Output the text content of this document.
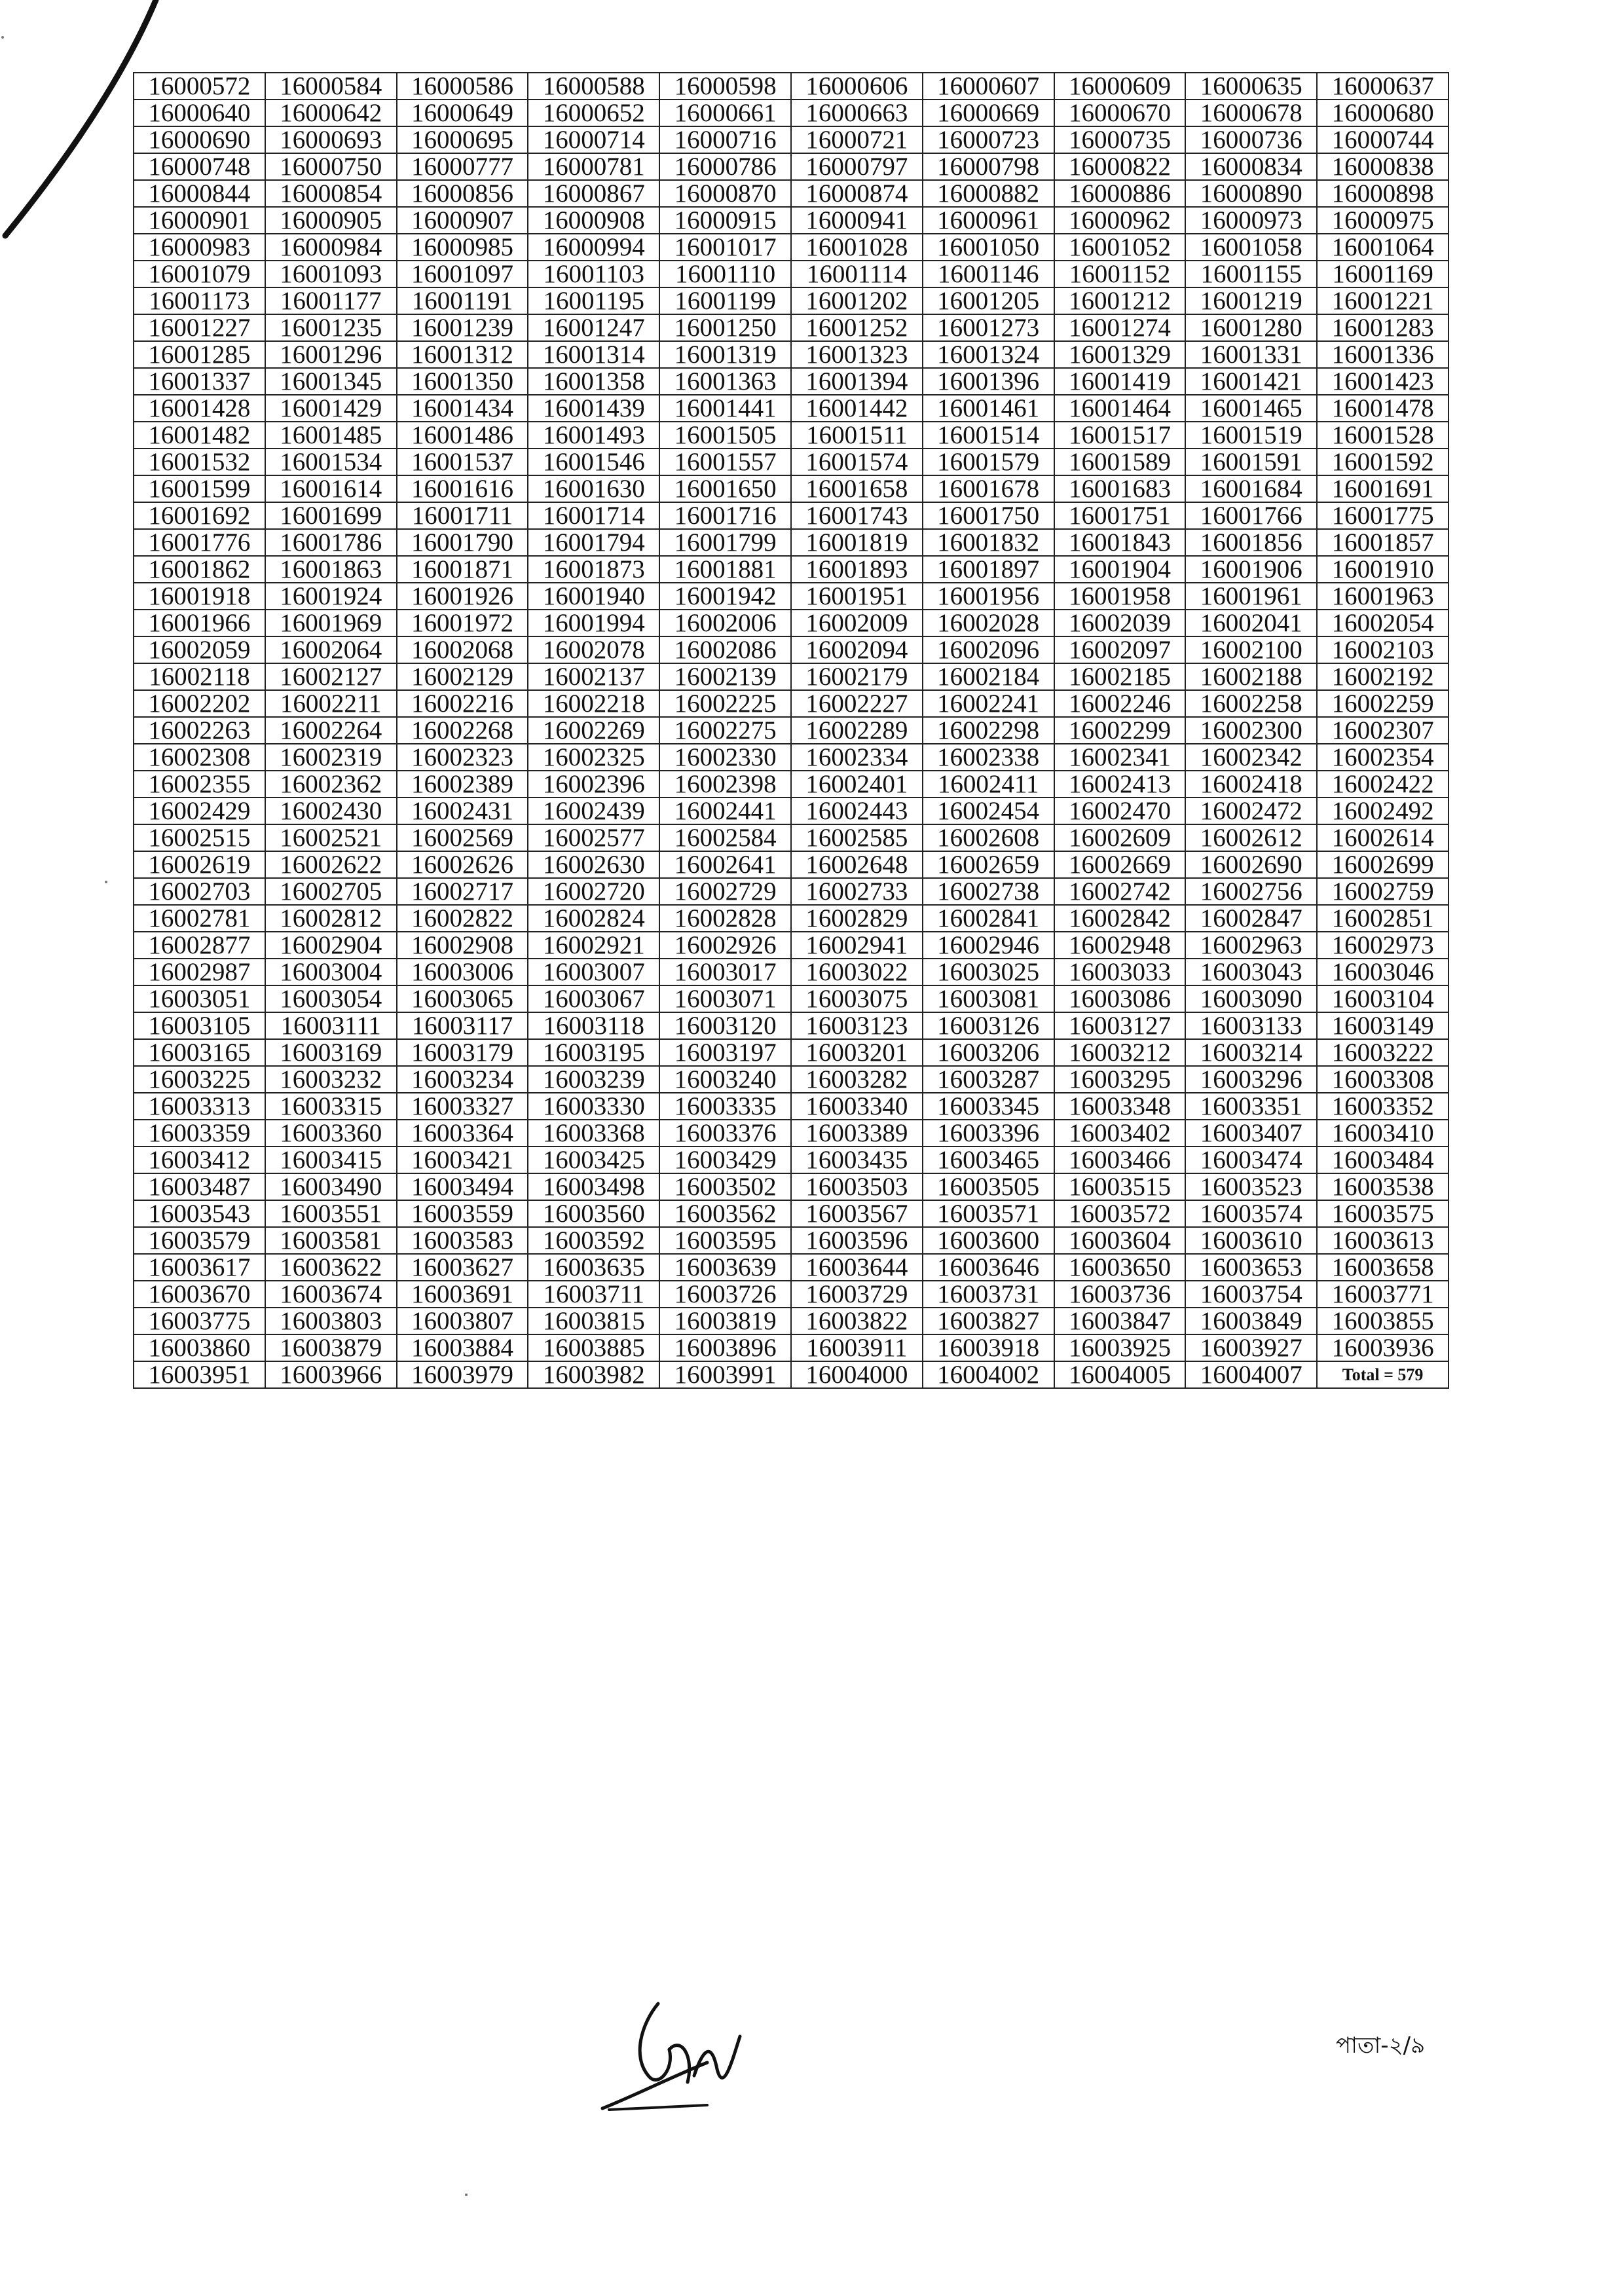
16000572	16000584	16000586	16000588	16000598	16000606	16000607	16000609	16000635	16000637
16000640	16000642	16000649	16000652	16000661	16000663	16000669	16000670	16000678	16000680
16000690	16000693	16000695	16000714	16000716	16000721	16000723	16000735	16000736	16000744
16000748	16000750	16000777	16000781	16000786	16000797	16000798	16000822	16000834	16000838
16000844	16000854	16000856	16000867	16000870	16000874	16000882	16000886	16000890	16000898
16000901	16000905	16000907	16000908	16000915	16000941	16000961	16000962	16000973	16000975
16000983	16000984	16000985	16000994	16001017	16001028	16001050	16001052	16001058	16001064
16001079	16001093	16001097	16001103	16001110	16001114	16001146	16001152	16001155	16001169
16001173	16001177	16001191	16001195	16001199	16001202	16001205	16001212	16001219	16001221
16001227	16001235	16001239	16001247	16001250	16001252	16001273	16001274	16001280	16001283
16001285	16001296	16001312	16001314	16001319	16001323	16001324	16001329	16001331	16001336
16001337	16001345	16001350	16001358	16001363	16001394	16001396	16001419	16001421	16001423
16001428	16001429	16001434	16001439	16001441	16001442	16001461	16001464	16001465	16001478
16001482	16001485	16001486	16001493	16001505	16001511	16001514	16001517	16001519	16001528
16001532	16001534	16001537	16001546	16001557	16001574	16001579	16001589	16001591	16001592
16001599	16001614	16001616	16001630	16001650	16001658	16001678	16001683	16001684	16001691
16001692	16001699	16001711	16001714	16001716	16001743	16001750	16001751	16001766	16001775
16001776	16001786	16001790	16001794	16001799	16001819	16001832	16001843	16001856	16001857
16001862	16001863	16001871	16001873	16001881	16001893	16001897	16001904	16001906	16001910
16001918	16001924	16001926	16001940	16001942	16001951	16001956	16001958	16001961	16001963
16001966	16001969	16001972	16001994	16002006	16002009	16002028	16002039	16002041	16002054
16002059	16002064	16002068	16002078	16002086	16002094	16002096	16002097	16002100	16002103
16002118	16002127	16002129	16002137	16002139	16002179	16002184	16002185	16002188	16002192
16002202	16002211	16002216	16002218	16002225	16002227	16002241	16002246	16002258	16002259
16002263	16002264	16002268	16002269	16002275	16002289	16002298	16002299	16002300	16002307
16002308	16002319	16002323	16002325	16002330	16002334	16002338	16002341	16002342	16002354
16002355	16002362	16002389	16002396	16002398	16002401	16002411	16002413	16002418	16002422
16002429	16002430	16002431	16002439	16002441	16002443	16002454	16002470	16002472	16002492
16002515	16002521	16002569	16002577	16002584	16002585	16002608	16002609	16002612	16002614
16002619	16002622	16002626	16002630	16002641	16002648	16002659	16002669	16002690	16002699
16002703	16002705	16002717	16002720	16002729	16002733	16002738	16002742	16002756	16002759
16002781	16002812	16002822	16002824	16002828	16002829	16002841	16002842	16002847	16002851
16002877	16002904	16002908	16002921	16002926	16002941	16002946	16002948	16002963	16002973
16002987	16003004	16003006	16003007	16003017	16003022	16003025	16003033	16003043	16003046
16003051	16003054	16003065	16003067	16003071	16003075	16003081	16003086	16003090	16003104
16003105	16003111	16003117	16003118	16003120	16003123	16003126	16003127	16003133	16003149
16003165	16003169	16003179	16003195	16003197	16003201	16003206	16003212	16003214	16003222
16003225	16003232	16003234	16003239	16003240	16003282	16003287	16003295	16003296	16003308
16003313	16003315	16003327	16003330	16003335	16003340	16003345	16003348	16003351	16003352
16003359	16003360	16003364	16003368	16003376	16003389	16003396	16003402	16003407	16003410
16003412	16003415	16003421	16003425	16003429	16003435	16003465	16003466	16003474	16003484
16003487	16003490	16003494	16003498	16003502	16003503	16003505	16003515	16003523	16003538
16003543	16003551	16003559	16003560	16003562	16003567	16003571	16003572	16003574	16003575
16003579	16003581	16003583	16003592	16003595	16003596	16003600	16003604	16003610	16003613
16003617	16003622	16003627	16003635	16003639	16003644	16003646	16003650	16003653	16003658
16003670	16003674	16003691	16003711	16003726	16003729	16003731	16003736	16003754	16003771
16003775	16003803	16003807	16003815	16003819	16003822	16003827	16003847	16003849	16003855
16003860	16003879	16003884	16003885	16003896	16003911	16003918	16003925	16003927	16003936
16003951	16003966	16003979	16003982	16003991	16004000	16004002	16004005	16004007	Total = 579
পাতা-২/৯
